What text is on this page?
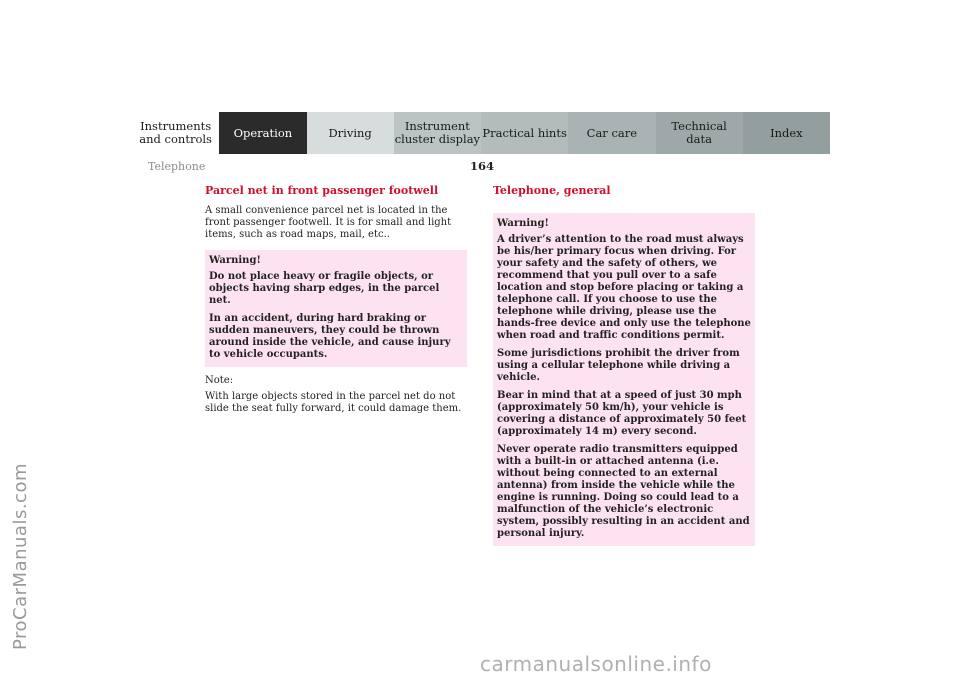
Instruments
and controls	Operation	Driving	Instrument
cluster display Practical hints	Car care	Technical
data	Index
Telephone	164
ProCarManuals.com
Parcel net in front passenger footwell
A small convenience parcel net is located in the front passenger footwell. It is for small and light items, such as road maps, mail, etc..
Warning!
Do not place heavy or fragile objects, or objects having sharp edges, in the parcel net.
In an accident, during hard braking or sudden maneuvers, they could be thrown around inside the vehicle, and cause injury to vehicle occupants.
Note:
With large objects stored in the parcel net do not slide the seat fully forward, it could damage them.
Telephone, general
Warning!
A driver’s attention to the road must always be his/her primary focus when driving. For your safety and the safety of others, we recommend that you pull over to a safe location and stop before placing or taking a telephone call. If you choose to use the telephone while driving, please use the hands-free device and only use the telephone when road and traffic conditions permit.
Some jurisdictions prohibit the driver from using a cellular telephone while driving a vehicle.
Bear in mind that at a speed of just 30 mph (approximately 50 km/h), your vehicle is covering a distance of approximately 50 feet (approximately 14 m) every second.
Never operate radio transmitters equipped with a built-in or attached antenna (i.e. without being connected to an external antenna) from inside the vehicle while the engine is running. Doing so could lead to a malfunction of the vehicle’s electronic system, possibly resulting in an accident and personal injury.
carmanualsonline.info
